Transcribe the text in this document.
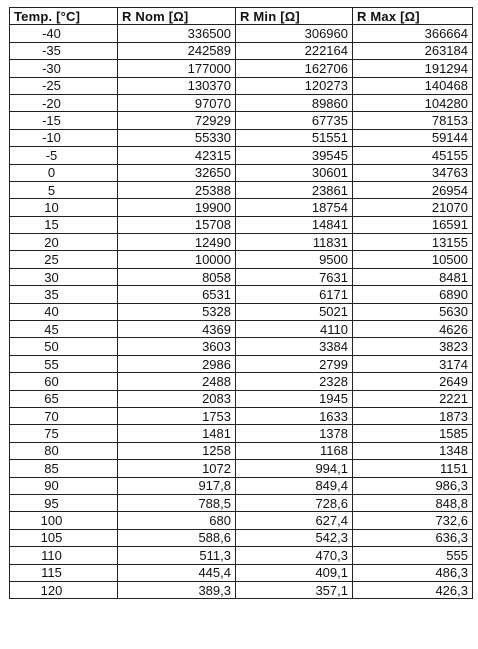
Temp. [°C]	R Nom [Ω]	R Min [Ω]	R Max [Ω]
-40	336500	306960	366664
-35	242589	222164	263184
-30	177000	162706	191294
-25	130370	120273	140468
-20	97070	89860	104280
-15	72929	67735	78153
-10	55330	51551	59144
-5	42315	39545	45155
0	32650	30601	34763
5	25388	23861	26954
10	19900	18754	21070
15	15708	14841	16591
20	12490	11831	13155
25	10000	9500	10500
30	8058	7631	8481
35	6531	6171	6890
40	5328	5021	5630
45	4369	4110	4626
50	3603	3384	3823
55	2986	2799	3174
60	2488	2328	2649
65	2083	1945	2221
70	1753	1633	1873
75	1481	1378	1585
80	1258	1168	1348
85	1072	994,1	1151
90	917,8	849,4	986,3
95	788,5	728,6	848,8
100	680	627,4	732,6
105	588,6	542,3	636,3
110	511,3	470,3	555
115	445,4	409,1	486,3
120	389,3	357,1	426,3
